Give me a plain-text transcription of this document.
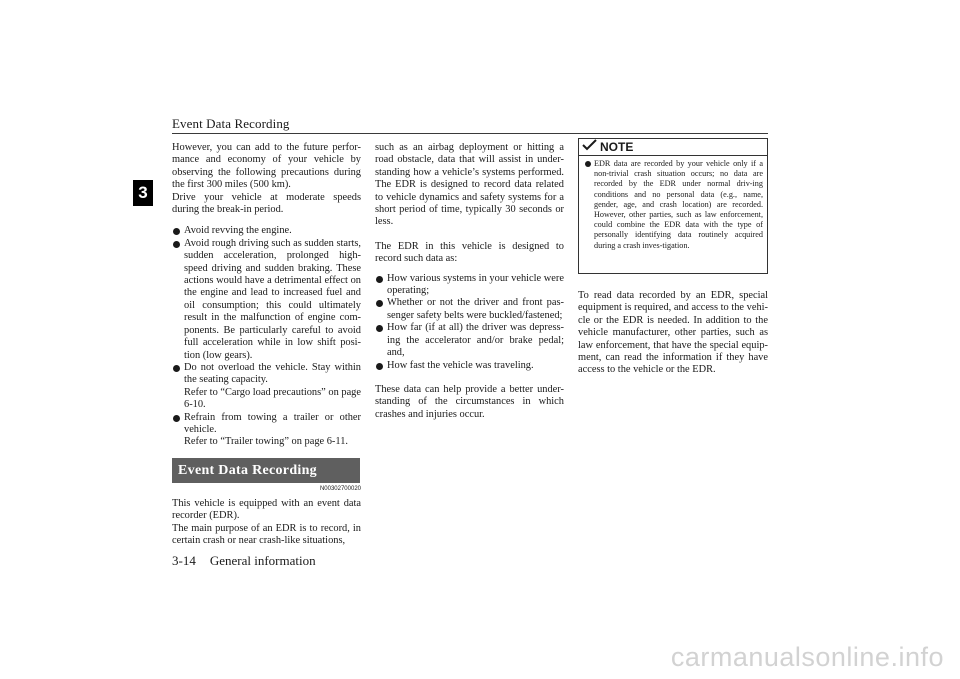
Event Data Recording
3

However, you can add to the future perfor-mance and economy of your vehicle by observing the following precautions during the first 300 miles (500 km).

Drive your vehicle at moderate speeds during the break-in period.

Avoid revving the engine.
Avoid rough driving such as sudden starts, sudden acceleration, prolonged high-speed driving and sudden braking. These actions would have a detrimental effect on the engine and lead to increased fuel and oil consumption; this could ultimately result in the malfunction of engine com-ponents. Be particularly careful to avoid full acceleration while in low shift posi-tion (low gears).
Do not overload the vehicle. Stay within the seating capacity.
Refer to “Cargo load precautions” on page 6-10.
Refrain from towing a trailer or other vehicle.
Refer to “Trailer towing” on page 6-11.
Event Data Recording
N00302700020

This vehicle is equipped with an event data recorder (EDR).

The main purpose of an EDR is to record, in certain crash or near crash-like situations,

such as an airbag deployment or hitting a road obstacle, data that will assist in under-standing how a vehicle’s systems performed. The EDR is designed to record data related to vehicle dynamics and safety systems for a short period of time, typically 30 seconds or less.

The EDR in this vehicle is designed to record such data as:

How various systems in your vehicle were operating;
Whether or not the driver and front pas-senger safety belts were buckled/fastened;
How far (if at all) the driver was depress-ing the accelerator and/or brake pedal; and,
How fast the vehicle was traveling.

These data can help provide a better under-standing of the circumstances in which crashes and injuries occur.

NOTE
EDR data are recorded by your vehicle only if a non-trivial crash situation occurs; no data are recorded by the EDR under normal driv-ing conditions and no personal data (e.g., name, gender, age, and crash location) are recorded. However, other parties, such as law enforcement, could combine the EDR data with the type of personally identifying data routinely acquired during a crash inves-tigation.

To read data recorded by an EDR, special equipment is required, and access to the vehi-cle or the EDR is needed. In addition to the vehicle manufacturer, other parties, such as law enforcement, that have the special equip-ment, can read the information if they have access to the vehicle or the EDR.

3-14 General information
carmanualsonline.info
